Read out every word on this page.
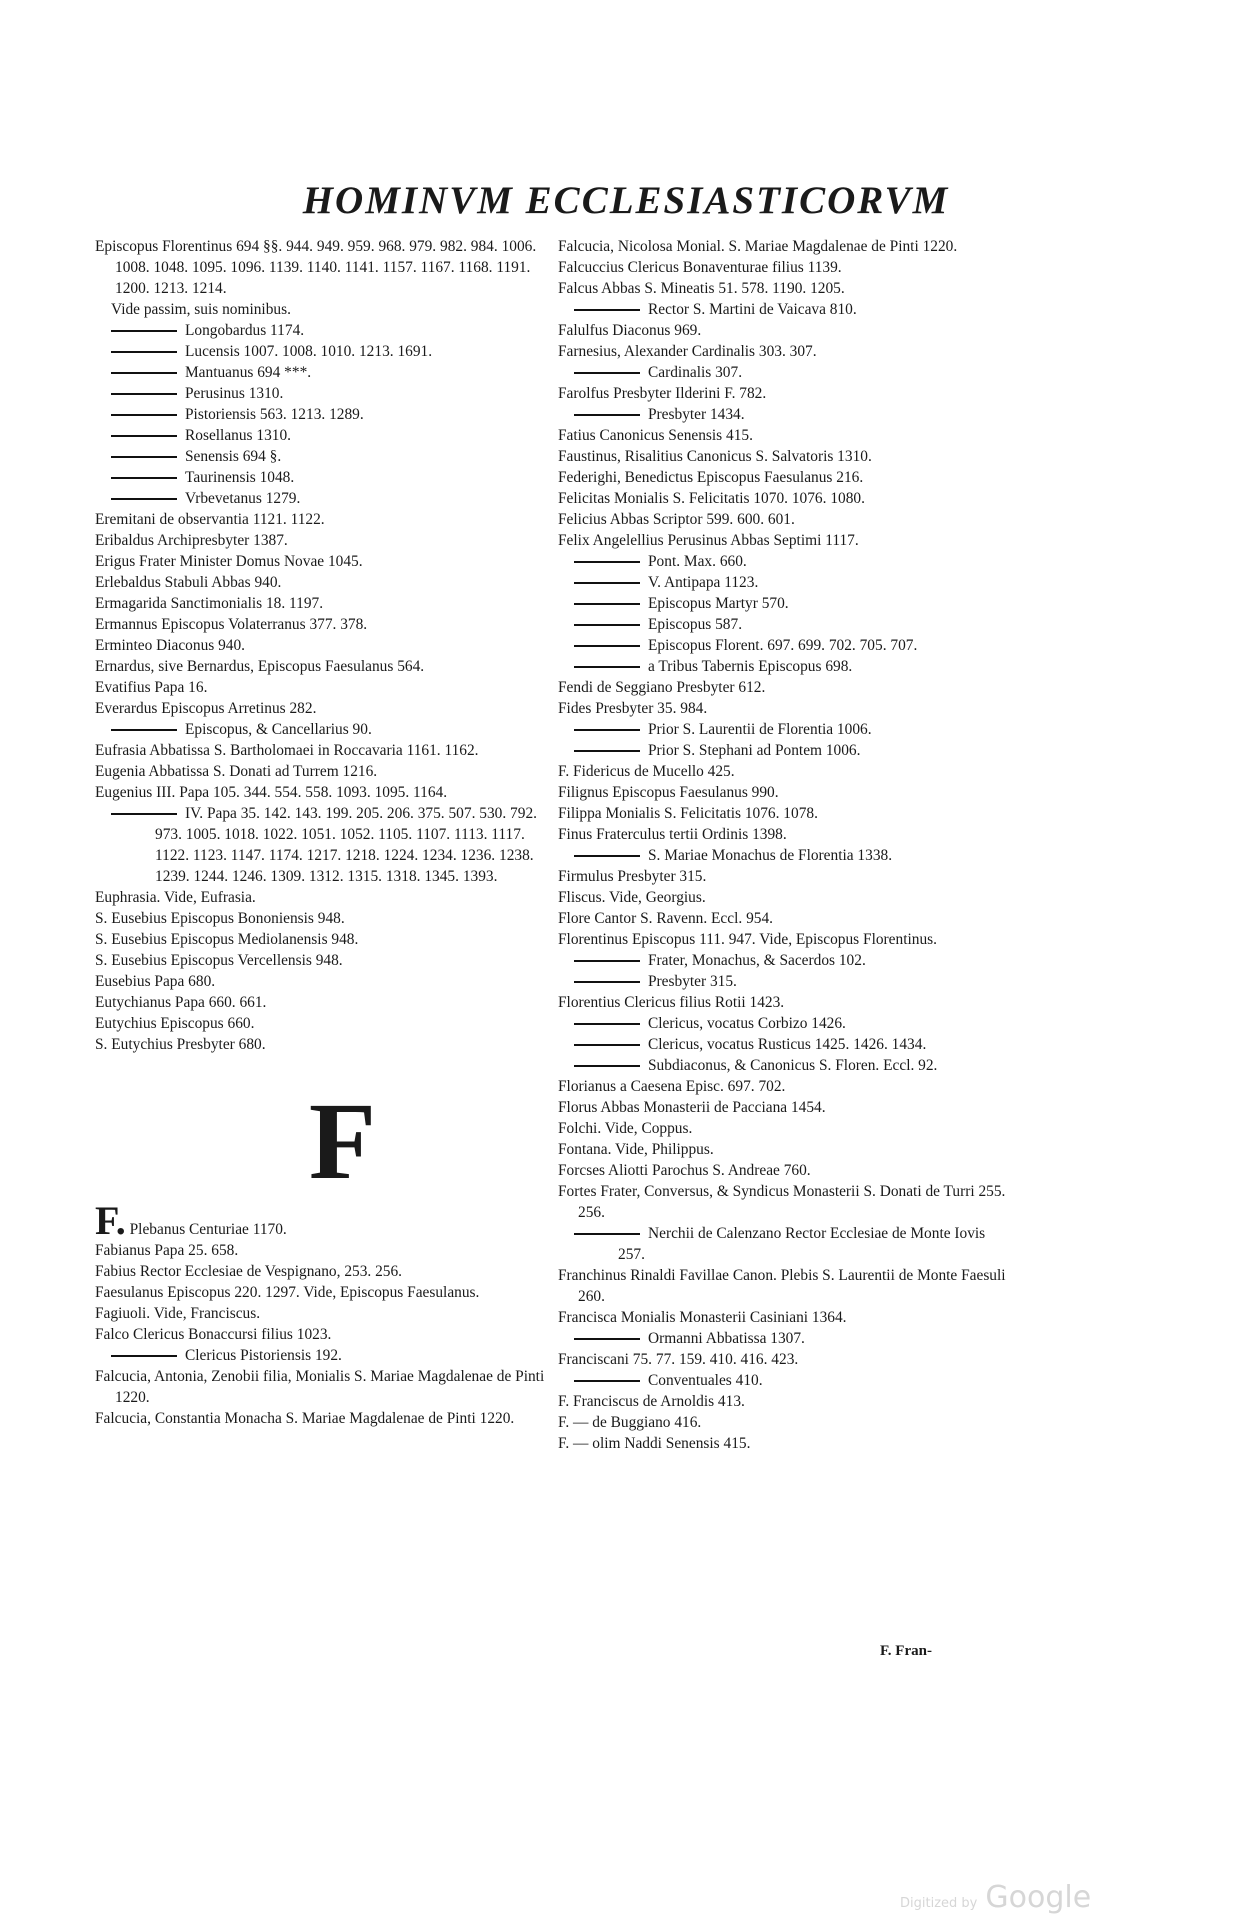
HOMINVM ECCLESIASTICORVM

Episcopus Florentinus 694 §§. 944. 949. 959. 968. 979. 982. 984. 1006. 1008. 1048. 1095. 1096. 1139. 1140. 1141. 1157. 1167. 1168. 1191. 1200. 1213. 1214.

Vide passim, suis nominibus.

Longobardus 1174.

Lucensis 1007. 1008. 1010. 1213. 1691.

Mantuanus 694 ***.

Perusinus 1310.

Pistoriensis 563. 1213. 1289.

Rosellanus 1310.

Senensis 694 §.

Taurinensis 1048.

Vrbevetanus 1279.

Eremitani de observantia 1121. 1122.

Eribaldus Archipresbyter 1387.

Erigus Frater Minister Domus Novae 1045.

Erlebaldus Stabuli Abbas 940.

Ermagarida Sanctimonialis 18. 1197.

Ermannus Episcopus Volaterranus 377. 378.

Erminteo Diaconus 940.

Ernardus, sive Bernardus, Episcopus Faesulanus 564.

Evatifius Papa 16.

Everardus Episcopus Arretinus 282.

Episcopus, & Cancellarius 90.

Eufrasia Abbatissa S. Bartholomaei in Roccavaria 1161. 1162.

Eugenia Abbatissa S. Donati ad Turrem 1216.

Eugenius III. Papa 105. 344. 554. 558. 1093. 1095. 1164.

IV. Papa 35. 142. 143. 199. 205. 206. 375. 507. 530. 792. 973. 1005. 1018. 1022. 1051. 1052. 1105. 1107. 1113. 1117. 1122. 1123. 1147. 1174. 1217. 1218. 1224. 1234. 1236. 1238. 1239. 1244. 1246. 1309. 1312. 1315. 1318. 1345. 1393.

Euphrasia. Vide, Eufrasia.

S. Eusebius Episcopus Bononiensis 948.

S. Eusebius Episcopus Mediolanensis 948.

S. Eusebius Episcopus Vercellensis 948.

Eusebius Papa 680.

Eutychianus Papa 660. 661.

Eutychius Episcopus 660.

S. Eutychius Presbyter 680.

F

F. Plebanus Centuriae 1170.

Fabianus Papa 25. 658.

Fabius Rector Ecclesiae de Vespignano, 253. 256.

Faesulanus Episcopus 220. 1297. Vide, Episcopus Faesulanus.

Fagiuoli. Vide, Franciscus.

Falco Clericus Bonaccursi filius 1023.

Clericus Pistoriensis 192.

Falcucia, Antonia, Zenobii filia, Monialis S. Mariae Magdalenae de Pinti 1220.

Falcucia, Constantia Monacha S. Mariae Magdalenae de Pinti 1220.

Falcucia, Nicolosa Monial. S. Mariae Magdalenae de Pinti 1220.

Falcuccius Clericus Bonaventurae filius 1139.

Falcus Abbas S. Mineatis 51. 578. 1190. 1205.

Rector S. Martini de Vaicava 810.

Falulfus Diaconus 969.

Farnesius, Alexander Cardinalis 303. 307.

Cardinalis 307.

Farolfus Presbyter Ilderini F. 782.

Presbyter 1434.

Fatius Canonicus Senensis 415.

Faustinus, Risalitius Canonicus S. Salvatoris 1310.

Federighi, Benedictus Episcopus Faesulanus 216.

Felicitas Monialis S. Felicitatis 1070. 1076. 1080.

Felicius Abbas Scriptor 599. 600. 601.

Felix Angelellius Perusinus Abbas Septimi 1117.

Pont. Max. 660.

V. Antipapa 1123.

Episcopus Martyr 570.

Episcopus 587.

Episcopus Florent. 697. 699. 702. 705. 707.

a Tribus Tabernis Episcopus 698.

Fendi de Seggiano Presbyter 612.

Fides Presbyter 35. 984.

Prior S. Laurentii de Florentia 1006.

Prior S. Stephani ad Pontem 1006.

F. Fidericus de Mucello 425.

Filignus Episcopus Faesulanus 990.

Filippa Monialis S. Felicitatis 1076. 1078.

Finus Fraterculus tertii Ordinis 1398.

S. Mariae Monachus de Florentia 1338.

Firmulus Presbyter 315.

Fliscus. Vide, Georgius.

Flore Cantor S. Ravenn. Eccl. 954.

Florentinus Episcopus 111. 947. Vide, Episcopus Florentinus.

Frater, Monachus, & Sacerdos 102.

Presbyter 315.

Florentius Clericus filius Rotii 1423.

Clericus, vocatus Corbizo 1426.

Clericus, vocatus Rusticus 1425. 1426. 1434.

Subdiaconus, & Canonicus S. Floren. Eccl. 92.

Florianus a Caesena Episc. 697. 702.

Florus Abbas Monasterii de Pacciana 1454.

Folchi. Vide, Coppus.

Fontana. Vide, Philippus.

Forcses Aliotti Parochus S. Andreae 760.

Fortes Frater, Conversus, & Syndicus Monasterii S. Donati de Turri 255. 256.

Nerchii de Calenzano Rector Ecclesiae de Monte Iovis 257.

Franchinus Rinaldi Favillae Canon. Plebis S. Laurentii de Monte Faesuli 260.

Francisca Monialis Monasterii Casiniani 1364.

Ormanni Abbatissa 1307.

Franciscani 75. 77. 159. 410. 416. 423.

Conventuales 410.

F. Franciscus de Arnoldis 413.

F. — de Buggiano 416.

F. — olim Naddi Senensis 415.

F. Fran-
Digitized by Google
